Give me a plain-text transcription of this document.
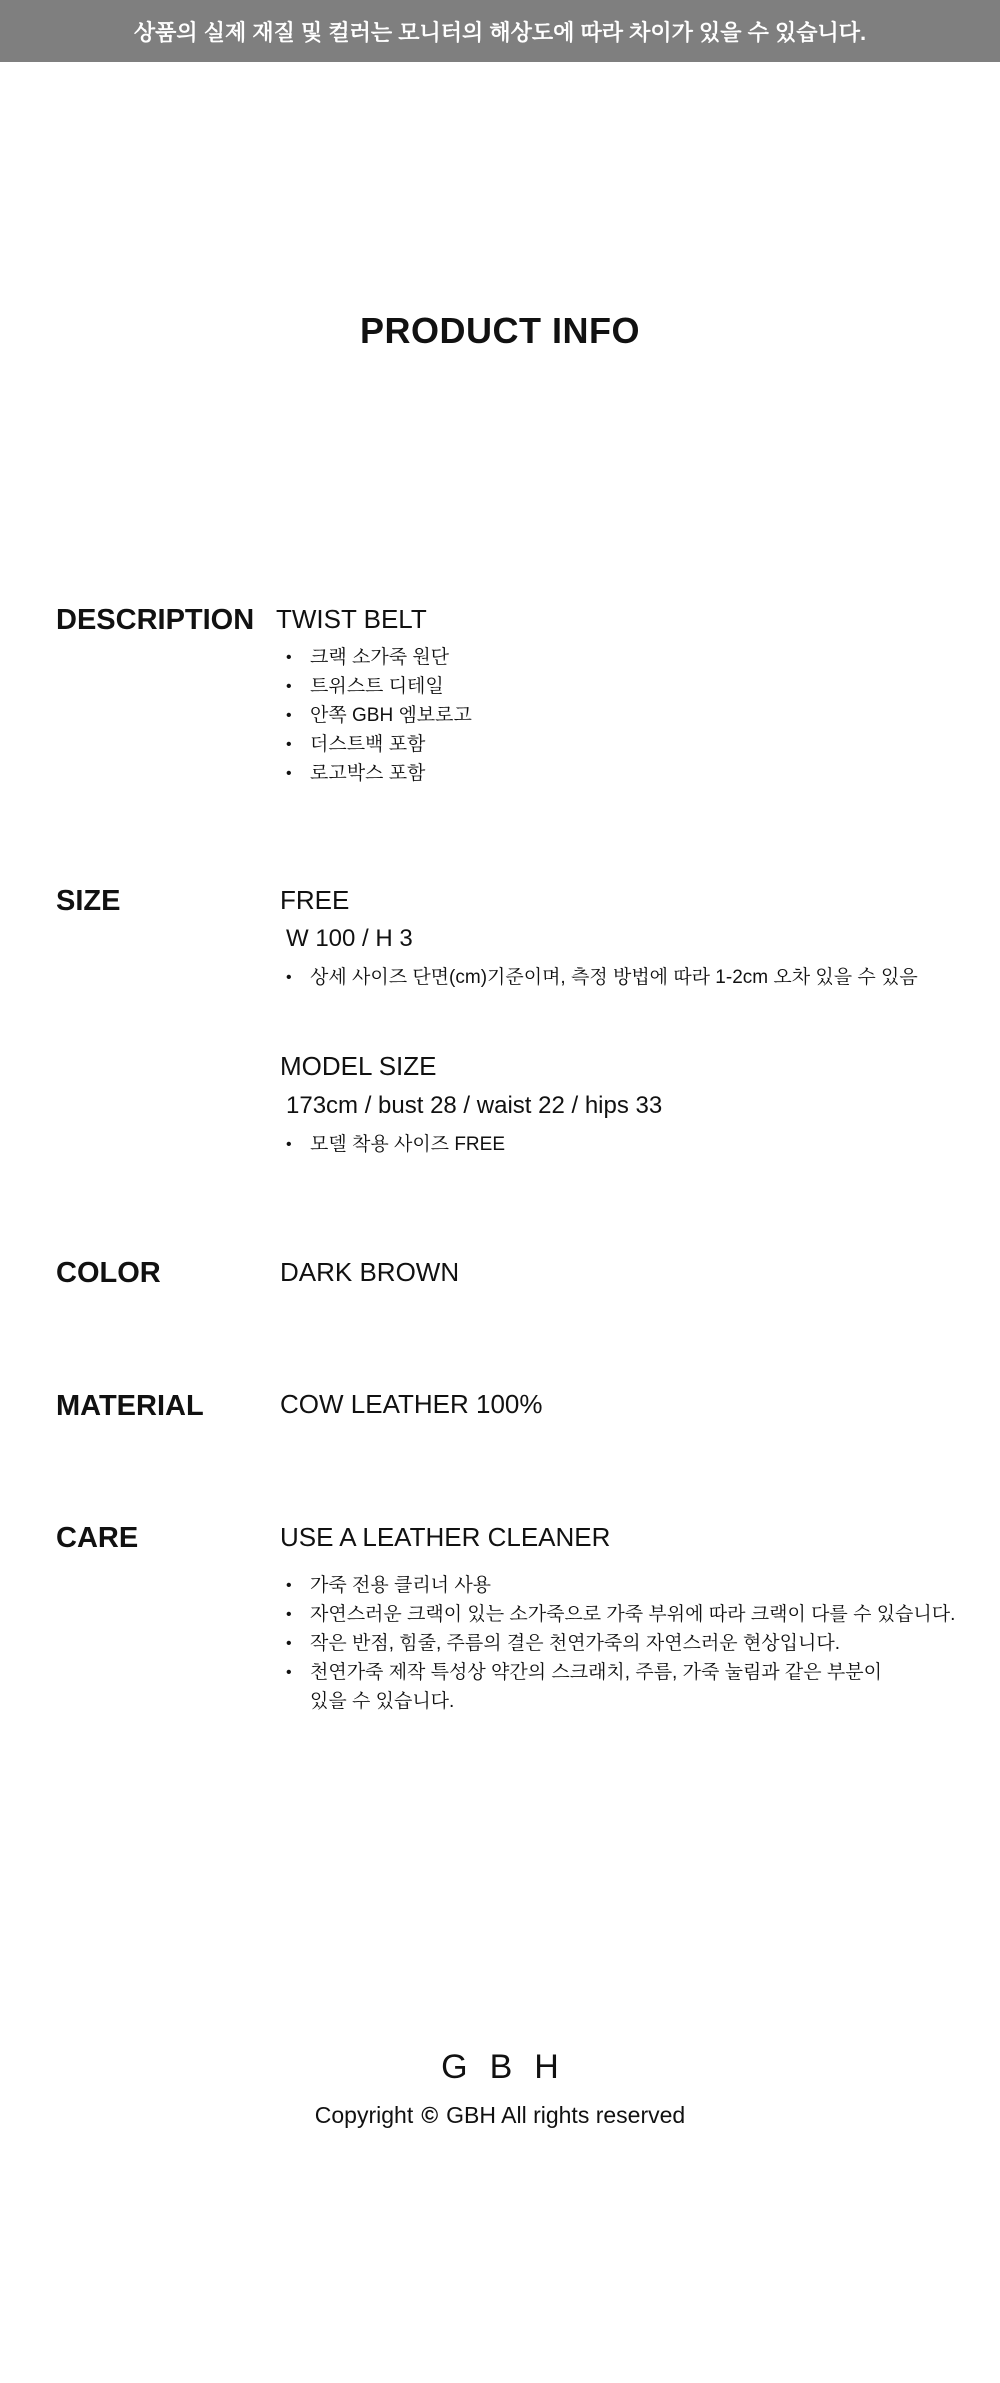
상품의 실제 재질 및 컬러는 모니터의 해상도에 따라 차이가 있을 수 있습니다.
PRODUCT INFO
DESCRIPTION TWIST BELT
• 크랙 소가죽 원단
• 트위스트 디테일
• 안쪽 GBH 엠보로고
• 더스트백 포함
• 로고박스 포함
SIZE	FREE
W 100 / H 3
• 상세 사이즈 단면(cm)기준이며, 측정 방법에 따라 1-2cm 오차 있을 수 있음
MODEL SIZE
173cm / bust 28 / waist 22 / hips 33
• 모델 착용 사이즈 FREE
COLOR	DARK BROWN
MATERIAL	COW LEATHER 100%
CARE	USE A LEATHER CLEANER
• 가죽 전용 클리너 사용
• 자연스러운 크랙이 있는 소가죽으로 가죽 부위에 따라 크랙이 다를 수 있습니다.
• 작은 반점, 힘줄, 주름의 결은 천연가죽의 자연스러운 현상입니다.
• 천연가죽 제작 특성상 약간의 스크래치, 주름, 가죽 눌림과 같은 부분이
있을 수 있습니다.
GBH
Copyright © GBH All rights reserved
